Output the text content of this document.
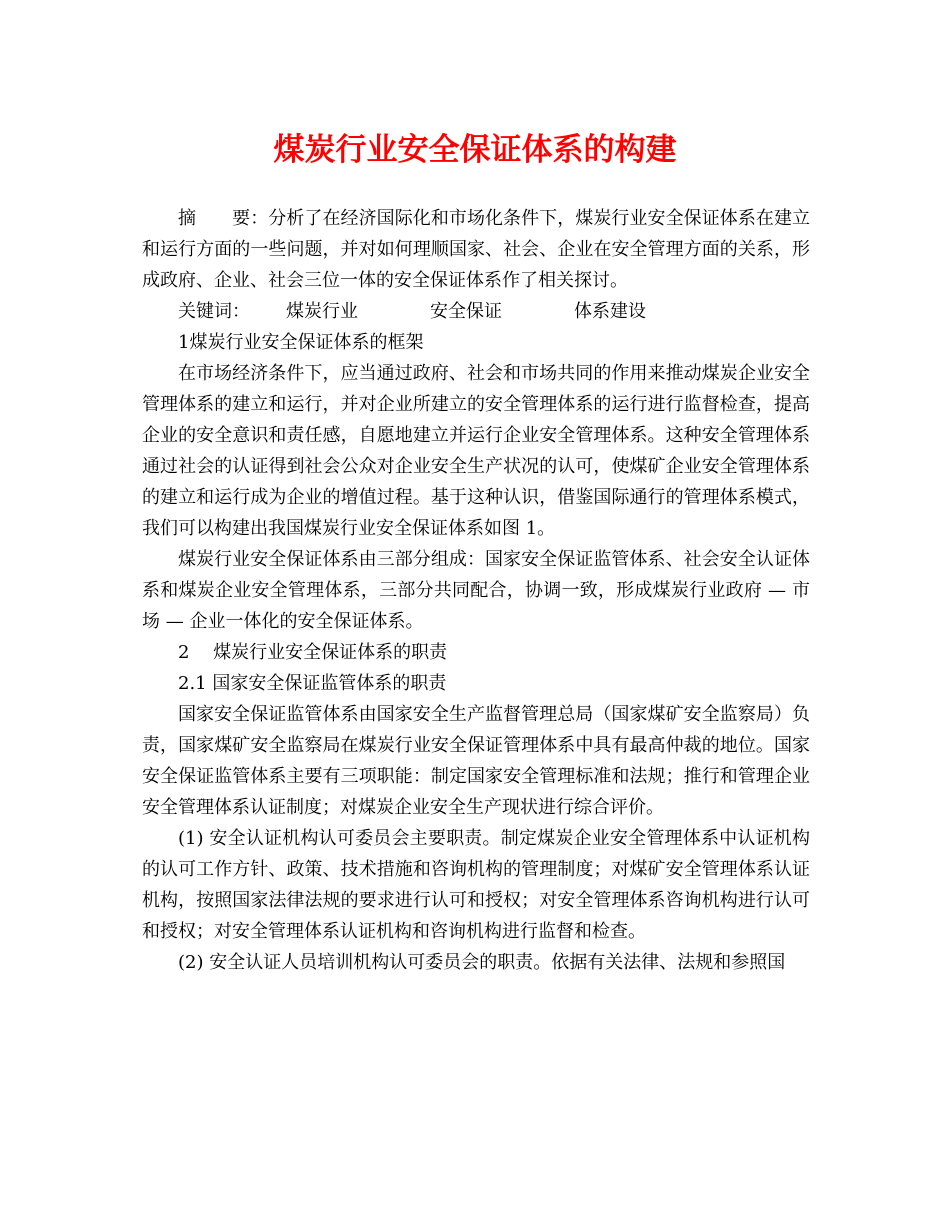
煤炭行业安全保证体系的构建

摘　　要：分析了在经济国际化和市场化条件下，煤炭行业安全保证体系在建立和运行方面的一些问题，并对如何理顺国家、社会、企业在安全管理方面的关系，形成政府、企业、社会三位一体的安全保证体系作了相关探讨。

关键词： 煤炭行业	安全保证	体系建设

1煤炭行业安全保证体系的框架

在市场经济条件下，应当通过政府、社会和市场共同的作用来推动煤炭企业安全管理体系的建立和运行，并对企业所建立的安全管理体系的运行进行监督检查，提高企业的安全意识和责任感，自愿地建立并运行企业安全管理体系。这种安全管理体系通过社会的认证得到社会公众对企业安全生产状况的认可，使煤矿企业安全管理体系的建立和运行成为企业的增值过程。基于这种认识，借鉴国际通行的管理体系模式，我们可以构建出我国煤炭行业安全保证体系如图 1。

煤炭行业安全保证体系由三部分组成：国家安全保证监管体系、社会安全认证体系和煤炭企业安全管理体系，三部分共同配合，协调一致，形成煤炭行业政府 — 市场 — 企业一体化的安全保证体系。

2　 煤炭行业安全保证体系的职责

2.1 国家安全保证监管体系的职责

国家安全保证监管体系由国家安全生产监督管理总局（国家煤矿安全监察局）负责，国家煤矿安全监察局在煤炭行业安全保证管理体系中具有最高仲裁的地位。国家安全保证监管体系主要有三项职能：制定国家安全管理标准和法规；推行和管理企业安全管理体系认证制度；对煤炭企业安全生产现状进行综合评价。

(1) 安全认证机构认可委员会主要职责。制定煤炭企业安全管理体系中认证机构的认可工作方针、政策、技术措施和咨询机构的管理制度；对煤矿安全管理体系认证机构，按照国家法律法规的要求进行认可和授权；对安全管理体系咨询机构进行认可和授权；对安全管理体系认证机构和咨询机构进行监督和检查。

(2) 安全认证人员培训机构认可委员会的职责。依据有关法律、法规和参照国
